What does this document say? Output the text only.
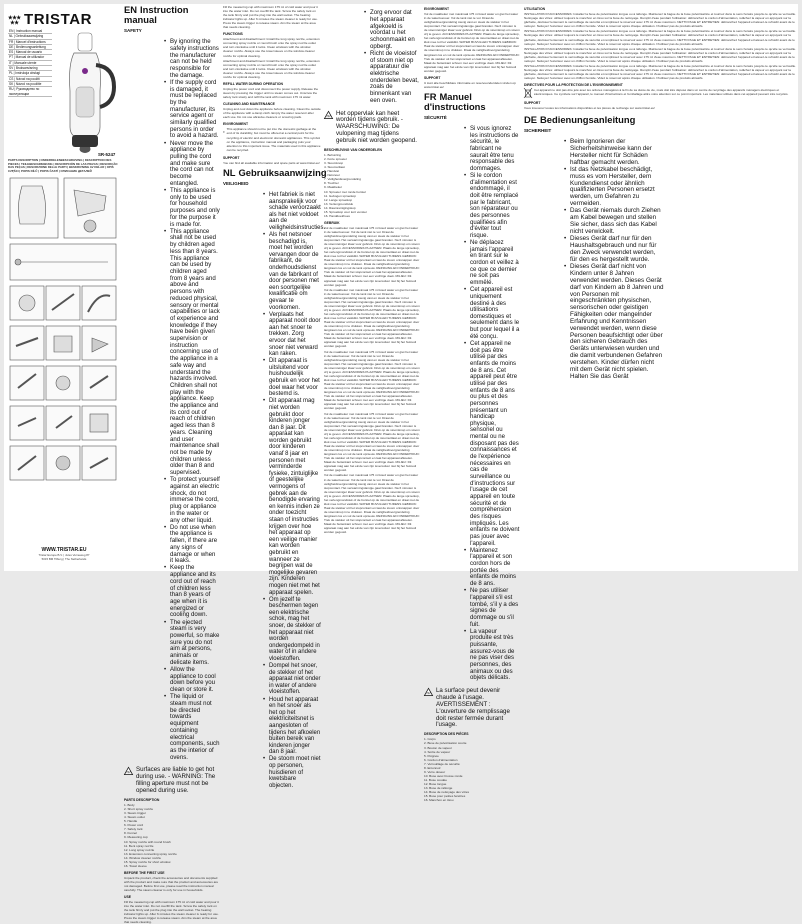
TRISTAR
EN | Instruction manual
NL | Gebruiksaanwijzing
FR | Manuel d'instructions
DE | Bedienungsanleitung
ES | Manual de usuario
PT | Manual de utilizador
IT | Manuale utente
SV | Bruksanvisning
PL | Instrukcja obsługi
CS | Návod na použití
SK | Návod na použitie
RU | Руководство по эксплуатации
SR-5247
PARTS DESCRIPTION | ONDERDELENBESCHRIJVING | DESCRIPTION DES PIECES | TEILEBESCHREIBUNG | DESCRIPCIÓN DE LAS PIEZAS | DESCRIÇÃO DAS PEÇAS | DESCRIZIONE DELLE PARTI | BESKRIVNING AV DELAR | OPIS CZĘŚCI | POPIS DÍLŮ | POPIS ČASTÍ | ОПИСАНИЕ ДЕТАЛЕЙ
WWW.TRISTAR.EU
Tristar Europe B.V. | Jules Verneweg 87
5015 BM Tilburg | The Netherlands
EN Instruction manual
SAFETY
• By ignoring the safety instructions the manufacturer can not be held responsible for the damage.
• If the supply cord is damaged, it must be replaced by the manufacturer, its service agent or similarly qualified persons in order to avoid a hazard.
• Never move the appliance by pulling the cord and make sure the cord can not become entangled.
• This appliance is only to be used for household purposes and only for the purpose it is made for.
• This appliance shall not be used by children aged less than 8 years. This appliance can be used by children aged from 8 years and above and persons with reduced physical, sensory or mental capabilities or lack of experience and knowledge if they have been given supervision or instruction concerning use of the appliance in a safe way and understand the hazards involved. Children shall not play with the appliance. Keep the appliance and its cord out of reach of children aged less than 8 years. Cleaning and user maintenance shall not be made by children unless older than 8 and supervised.
• To protect yourself against an electric shock, do not immerse the cord, plug or appliance in the water or any other liquid.
• Do not use when the appliance is fallen, if there are any signs of damage or when it leaks.
• Keep the appliance and its cord out of reach of children less than 8 years of age when it is energized or cooling down.
• The ejected steam is very powerful, so make sure you do not aim at persons, animals or delicate items.
• Allow the appliance to cool down before you clean or store it.
• The liquid or steam must not be directed towards equipment containing electrical components, such as the interior of ovens.
Surfaces are liable to get hot during use. - WARNING: The filling aperture must not be opened during use.
PARTS DESCRIPTION
1. Body
2. Short spray nozzle
3. Steam trigger
4. Steam outlet
5. Handle
6. Power cord
7. Safety lock
8. Funnel
9. Measuring cup
10. Spray nozzle with round brush
11. Bent spray nozzle
12. Long spray nozzle
13. Extension connecting spray nozzle
14. Window cleaner nozzle
15. Spray nozzle for short window
16. Towel sleeve
BEFORE THE FIRST USE

Unpack the product, check the accessories and documents supplied with the product and make sure that the product and accessories are not damaged. Before first use, please read the instruction manual carefully. The steam cleaner is only for use in households.

USE

Fill the measuring cup with maximum 175 ml of cold water and pour it into the water inlet. Do not overfill the tank. Screw the safety lock on the tank firmly and put the plug into the wall socket. The heating indicator lights up. After 6 minutes the steam cleaner is ready for use. Press the steam trigger to release steam. Aim the steam at the area that needs cleaning.

Fill the measuring cup with maximum 175 ml of cold water and pour it into the water inlet. Do not overfill the tank. Screw the safety lock on the tank firmly and put the plug into the wall socket. The heating indicator lights up. After 6 minutes the steam cleaner is ready for use. Press the steam trigger to release steam. Aim the steam at the area that needs cleaning.

FUNCTIONS

Attachment and disattachment: Install the long spray nozzle, extension connecting spray nozzle or round brush onto the spray nozzle outlet and turn clockwise until it locks. Clean windows with the window cleaner nozzle. Always use the towel sleeve on the window cleaner nozzle for optimal cleaning.

Attachment and disattachment: Install the long spray nozzle, extension connecting spray nozzle or round brush onto the spray nozzle outlet and turn clockwise until it locks. Clean windows with the window cleaner nozzle. Always use the towel sleeve on the window cleaner nozzle for optimal cleaning.

REFILL WATER DURING OPERATION

Unplug the power cord and disconnect the power supply. Release the steam by pressing the trigger until no steam comes out. Unscrew the safety lock slowly and refill the tank with maximum 175 ml water.

CLEANING AND MAINTENANCE

Unplug and cool down the appliance before cleaning. Clean the outside of the appliance with a damp cloth. Empty the water reservoir after each use. Do not use abrasive cleaners or scouring pads.

ENVIRONMENT

This appliance should not be put into the domestic garbage at the end of its durability, but must be offered at a central point for the recycling of electric and electronic domestic appliances. This symbol on the appliance, instruction manual and packaging puts your attention to this important issue. The materials used in this appliance can be recycled.

SUPPORT

You can find all available information and spare parts at www.tristar.eu!

NL Gebruiksaanwijzing
VEILIGHEID
• Het fabriek is niet aansprakelijk voor schade veroorzaakt als het niet voldoet aan de veiligheidsinstructies.
• Als het netsnoer beschadigd is, moet het worden vervangen door de fabrikant, de onderhoudsdienst van de fabrikant of door personen met een soortgelijke kwalificatie om gevaar te voorkomen.
• Verplaats het apparaat nooit door aan het snoer te trekken. Zorg ervoor dat het snoer niet verward kan raken.
• Dit apparaat is uitsluitend voor huishoudelijk gebruik en voor het doel waar het voor bestemd is.
• Dit apparaat mag niet worden gebruikt door kinderen jonger dan 8 jaar. Dit apparaat kan worden gebruikt door kinderen vanaf 8 jaar en personen met verminderde fysieke, zintuiglijke of geestelijke vermogens of gebrek aan de benodigde ervaring en kennis indien ze onder toezicht staan of instructies krijgen over hoe het apparaat op een veilige manier kan worden gebruikt en wanneer ze begrijpen wat de mogelijke gevaren zijn. Kinderen mogen niet met het apparaat spelen.
• Om jezelf te beschermen tegen een elektrische schok, mag het snoer, de stekker of het apparaat niet worden ondergedompeld in water of in andere vloeistoffen.
• Dompel het snoer, de stekker of het apparaat niet onder in water of andere vloeistoffen.
• Houd het apparaat en het snoer als het op het elektriciteitsnet is aangesloten of tijdens het afkoelen buiten bereik van kinderen jonger dan 8 jaar.
• De stoom moet niet op personen, huisdieren of kwetsbare objecten.
• Zorg ervoor dat het apparaat afgekoeld is voordat u het schoonmaakt en opbergt.
• Richt de vloeistof of stoom niet op apparatuur die elektrische onderdelen bevat, zoals de binnenkant van een oven.
Het oppervlak kan heet worden tijdens gebruik. - WAARSCHUWING: De vulopening mag tijdens gebruik niet worden geopend.
BESCHRIJVING VAN ONDERDELEN
1. Behuizing
2. Korte sproeier
3. Stoomknop
4. Stoomuitlaat
5. Handvat
6. Netsnoer
7. Veiligheidsvergrendeling
8. Trechter
9. Maatbeker
10. Sproeier met ronde borstel
11. Gebogen sproeikop
12. Lange sproeikop
13. Verlengmondstuk
14. Raamreinigingskop
15. Sproeikop voor kort venster
16. Handdoekhoes
GEBRUIK

Vul de maatbeker met maximaal 175 ml koud water en giet het water in de watertoevoer. Vul de tank niet te vol. Draai de veiligheidsvergrendeling stevig vast en steek de stekker in het stopcontact. Het verwarmingslampje gaat branden. Na 6 minuten is de stoomreiniger klaar voor gebruik. Druk op de stoomknop om stoom vrij te geven. ACCESSOIRES PLAATSEN: Plaats de lange sproeikop, het verlengmondstuk of de borstel op de stoomuitlaat en draai met de klok mee tot het vastklikt. WATER BIJVULLEN TIJDENS GEBRUIK: Haal de stekker uit het stopcontact en laat de stoom ontsnappen door de stoomknop in te drukken. Draai de veiligheidsvergrendeling langzaam los en vul de tank opnieuw. REINIGING EN ONDERHOUD: Trek de stekker uit het stopcontact en laat het apparaat afkoelen. Maak de buitenkant schoon met een vochtige doek. MILIEU: Dit apparaat mag aan het einde van zijn levensduur niet bij het huisvuil worden gegooid.

Vul de maatbeker met maximaal 175 ml koud water en giet het water in de watertoevoer. Vul de tank niet te vol. Draai de veiligheidsvergrendeling stevig vast en steek de stekker in het stopcontact. Het verwarmingslampje gaat branden. Na 6 minuten is de stoomreiniger klaar voor gebruik. Druk op de stoomknop om stoom vrij te geven. ACCESSOIRES PLAATSEN: Plaats de lange sproeikop, het verlengmondstuk of de borstel op de stoomuitlaat en draai met de klok mee tot het vastklikt. WATER BIJVULLEN TIJDENS GEBRUIK: Haal de stekker uit het stopcontact en laat de stoom ontsnappen door de stoomknop in te drukken. Draai de veiligheidsvergrendeling langzaam los en vul de tank opnieuw. REINIGING EN ONDERHOUD: Trek de stekker uit het stopcontact en laat het apparaat afkoelen. Maak de buitenkant schoon met een vochtige doek. MILIEU: Dit apparaat mag aan het einde van zijn levensduur niet bij het huisvuil worden gegooid.

Vul de maatbeker met maximaal 175 ml koud water en giet het water in de watertoevoer. Vul de tank niet te vol. Draai de veiligheidsvergrendeling stevig vast en steek de stekker in het stopcontact. Het verwarmingslampje gaat branden. Na 6 minuten is de stoomreiniger klaar voor gebruik. Druk op de stoomknop om stoom vrij te geven. ACCESSOIRES PLAATSEN: Plaats de lange sproeikop, het verlengmondstuk of de borstel op de stoomuitlaat en draai met de klok mee tot het vastklikt. WATER BIJVULLEN TIJDENS GEBRUIK: Haal de stekker uit het stopcontact en laat de stoom ontsnappen door de stoomknop in te drukken. Draai de veiligheidsvergrendeling langzaam los en vul de tank opnieuw. REINIGING EN ONDERHOUD: Trek de stekker uit het stopcontact en laat het apparaat afkoelen. Maak de buitenkant schoon met een vochtige doek. MILIEU: Dit apparaat mag aan het einde van zijn levensduur niet bij het huisvuil worden gegooid.

Vul de maatbeker met maximaal 175 ml koud water en giet het water in de watertoevoer. Vul de tank niet te vol. Draai de veiligheidsvergrendeling stevig vast en steek de stekker in het stopcontact. Het verwarmingslampje gaat branden. Na 6 minuten is de stoomreiniger klaar voor gebruik. Druk op de stoomknop om stoom vrij te geven. ACCESSOIRES PLAATSEN: Plaats de lange sproeikop, het verlengmondstuk of de borstel op de stoomuitlaat en draai met de klok mee tot het vastklikt. WATER BIJVULLEN TIJDENS GEBRUIK: Haal de stekker uit het stopcontact en laat de stoom ontsnappen door de stoomknop in te drukken. Draai de veiligheidsvergrendeling langzaam los en vul de tank opnieuw. REINIGING EN ONDERHOUD: Trek de stekker uit het stopcontact en laat het apparaat afkoelen. Maak de buitenkant schoon met een vochtige doek. MILIEU: Dit apparaat mag aan het einde van zijn levensduur niet bij het huisvuil worden gegooid.

Vul de maatbeker met maximaal 175 ml koud water en giet het water in de watertoevoer. Vul de tank niet te vol. Draai de veiligheidsvergrendeling stevig vast en steek de stekker in het stopcontact. Het verwarmingslampje gaat branden. Na 6 minuten is de stoomreiniger klaar voor gebruik. Druk op de stoomknop om stoom vrij te geven. ACCESSOIRES PLAATSEN: Plaats de lange sproeikop, het verlengmondstuk of de borstel op de stoomuitlaat en draai met de klok mee tot het vastklikt. WATER BIJVULLEN TIJDENS GEBRUIK: Haal de stekker uit het stopcontact en laat de stoom ontsnappen door de stoomknop in te drukken. Draai de veiligheidsvergrendeling langzaam los en vul de tank opnieuw. REINIGING EN ONDERHOUD: Trek de stekker uit het stopcontact en laat het apparaat afkoelen. Maak de buitenkant schoon met een vochtige doek. MILIEU: Dit apparaat mag aan het einde van zijn levensduur niet bij het huisvuil worden gegooid.

ENVIRONMENT

Vul de maatbeker met maximaal 175 ml koud water en giet het water in de watertoevoer. Vul de tank niet te vol. Draai de veiligheidsvergrendeling stevig vast en steek de stekker in het stopcontact. Het verwarmingslampje gaat branden. Na 6 minuten is de stoomreiniger klaar voor gebruik. Druk op de stoomknop om stoom vrij te geven. ACCESSOIRES PLAATSEN: Plaats de lange sproeikop, het verlengmondstuk of de borstel op de stoomuitlaat en draai met de klok mee tot het vastklikt. WATER BIJVULLEN TIJDENS GEBRUIK: Haal de stekker uit het stopcontact en laat de stoom ontsnappen door de stoomknop in te drukken. Draai de veiligheidsvergrendeling langzaam los en vul de tank opnieuw. REINIGING EN ONDERHOUD: Trek de stekker uit het stopcontact en laat het apparaat afkoelen. Maak de buitenkant schoon met een vochtige doek. MILIEU: Dit apparaat mag aan het einde van zijn levensduur niet bij het huisvuil worden gegooid.

SUPPORT

U kunt alle beschikbare informatie en reserveonderdelen vinden op www.tristar.eu!

FR Manuel d'instructions
SÉCURITÉ
• Si vous ignorez les instructions de sécurité, le fabricant ne saurait être tenu responsable des dommages.
• Si le cordon d'alimentation est endommagé, il doit être remplacé par le fabricant, son réparateur ou des personnes qualifiées afin d'éviter tout risque.
• Ne déplacez jamais l'appareil en tirant sur le cordon et veillez à ce que ce dernier ne soit pas emmêlé.
• Cet appareil est uniquement destiné à des utilisations domestiques et seulement dans le but pour lequel il a été conçu.
• Cet appareil ne doit pas être utilisé par des enfants de moins de 8 ans. Cet appareil peut être utilisé par des enfants de 8 ans ou plus et des personnes présentant un handicap physique, sensoriel ou mental ou ne disposant pas des connaissances et de l'expérience nécessaires en cas de surveillance ou d'instructions sur l'usage de cet appareil en toute sécurité et de compréhension des risques impliqués. Les enfants ne doivent pas jouer avec l'appareil.
• Maintenez l'appareil et son cordon hors de portée des enfants de moins de 8 ans.
• Ne pas utiliser l'appareil s'il est tombé, s'il y a des signes de dommage ou s'il fuit.
• La vapeur produite est très puissante, assurez-vous de ne pas viser des personnes, des animaux ou des objets délicats.
La surface peut devenir chaude à l'usage. AVERTISSEMENT : L'ouverture de remplissage doit rester fermée durant l'usage.
DESCRIPTION DES PIÈCES
1. Corps
2. Buse de pulvérisation courte
3. Bouton de vapeur
4. Sortie de vapeur
5. Poignée
6. Cordon d'alimentation
7. Verrouillage de sécurité
8. Entonnoir
9. Verre doseur
10. Buse avec brosse ronde
11. Buse coudée
12. Buse longue
13. Buse de rallonge
14. Buse de nettoyage des vitres
15. Buse pour petites fenêtres
16. Manchon en tissu
UTILISATION

INSTALLATION D'ACCESSOIRES: Installez la buse de pulvérisation longue ou à rallonge. Maintenez la bague de la buse pulvérisatrice et tournez dans le sens horaire jusqu'à ce qu'elle se verrouille. Nettoyage des vitres: utilisez toujours le manchon en tissu sur la buse de nettoyage. Remplir d'eau pendant l'utilisation: débranchez le cordon d'alimentation, relâchez la vapeur en appuyant sur la gâchette, dévissez lentement le verrouillage de sécurité et remplissez le réservoir avec 175 ml d'eau maximum. NETTOYAGE ET ENTRETIEN: débranchez l'appareil et laissez-le refroidir avant de le nettoyer. Nettoyez l'extérieur avec un chiffon humide. Videz le réservoir après chaque utilisation. N'utilisez pas de produits abrasifs.

INSTALLATION D'ACCESSOIRES: Installez la buse de pulvérisation longue ou à rallonge. Maintenez la bague de la buse pulvérisatrice et tournez dans le sens horaire jusqu'à ce qu'elle se verrouille. Nettoyage des vitres: utilisez toujours le manchon en tissu sur la buse de nettoyage. Remplir d'eau pendant l'utilisation: débranchez le cordon d'alimentation, relâchez la vapeur en appuyant sur la gâchette, dévissez lentement le verrouillage de sécurité et remplissez le réservoir avec 175 ml d'eau maximum. NETTOYAGE ET ENTRETIEN: débranchez l'appareil et laissez-le refroidir avant de le nettoyer. Nettoyez l'extérieur avec un chiffon humide. Videz le réservoir après chaque utilisation. N'utilisez pas de produits abrasifs.

INSTALLATION D'ACCESSOIRES: Installez la buse de pulvérisation longue ou à rallonge. Maintenez la bague de la buse pulvérisatrice et tournez dans le sens horaire jusqu'à ce qu'elle se verrouille. Nettoyage des vitres: utilisez toujours le manchon en tissu sur la buse de nettoyage. Remplir d'eau pendant l'utilisation: débranchez le cordon d'alimentation, relâchez la vapeur en appuyant sur la gâchette, dévissez lentement le verrouillage de sécurité et remplissez le réservoir avec 175 ml d'eau maximum. NETTOYAGE ET ENTRETIEN: débranchez l'appareil et laissez-le refroidir avant de le nettoyer. Nettoyez l'extérieur avec un chiffon humide. Videz le réservoir après chaque utilisation. N'utilisez pas de produits abrasifs.

INSTALLATION D'ACCESSOIRES: Installez la buse de pulvérisation longue ou à rallonge. Maintenez la bague de la buse pulvérisatrice et tournez dans le sens horaire jusqu'à ce qu'elle se verrouille. Nettoyage des vitres: utilisez toujours le manchon en tissu sur la buse de nettoyage. Remplir d'eau pendant l'utilisation: débranchez le cordon d'alimentation, relâchez la vapeur en appuyant sur la gâchette, dévissez lentement le verrouillage de sécurité et remplissez le réservoir avec 175 ml d'eau maximum. NETTOYAGE ET ENTRETIEN: débranchez l'appareil et laissez-le refroidir avant de le nettoyer. Nettoyez l'extérieur avec un chiffon humide. Videz le réservoir après chaque utilisation. N'utilisez pas de produits abrasifs.

DIRECTIVES POUR LA PROTECTION DE L'ENVIRONNEMENT

Cet appareil ne doit pas être jeté avec les ordures ménagères à la fin de sa durée de vie, mais doit être déposé dans un centre de recyclage des appareils ménagers électriques et électroniques. Ce symbole sur l'appareil, le manuel d'instructions et l'emballage attire votre attention sur ce point important. Les matériaux utilisés dans cet appareil peuvent être recyclés.

SUPPORT

Vous trouverez toutes les informations disponibles et les pièces de rechange sur www.tristar.eu!

DE Bedienungsanleitung
SICHERHEIT
• Beim Ignorieren der Sicherheitshinweise kann der Hersteller nicht für Schäden haftbar gemacht werden.
• Ist das Netzkabel beschädigt, muss es vom Hersteller, dem Kundendienst oder ähnlich qualifizierten Personen ersetzt werden, um Gefahren zu vermeiden.
• Das Gerät niemals durch Ziehen am Kabel bewegen und stellen Sie sicher, dass sich das Kabel nicht verwickelt.
• Dieses Gerät darf nur für den Haushaltsgebrauch und nur für den Zweck verwendet werden, für den es hergestellt wurde.
• Dieses Gerät darf nicht von Kindern unter 8 Jahren verwendet werden. Dieses Gerät darf von Kindern ab 8 Jahren und von Personen mit eingeschränkten physischen, sensorischen oder geistigen Fähigkeiten oder mangelnder Erfahrung und Kenntnissen verwendet werden, wenn diese Personen beaufsichtigt oder über den sicheren Gebrauch des Geräts unterwiesen wurden und die damit verbundenen Gefahren verstehen. Kinder dürfen nicht mit dem Gerät nicht spielen. Halten Sie das Gerät
